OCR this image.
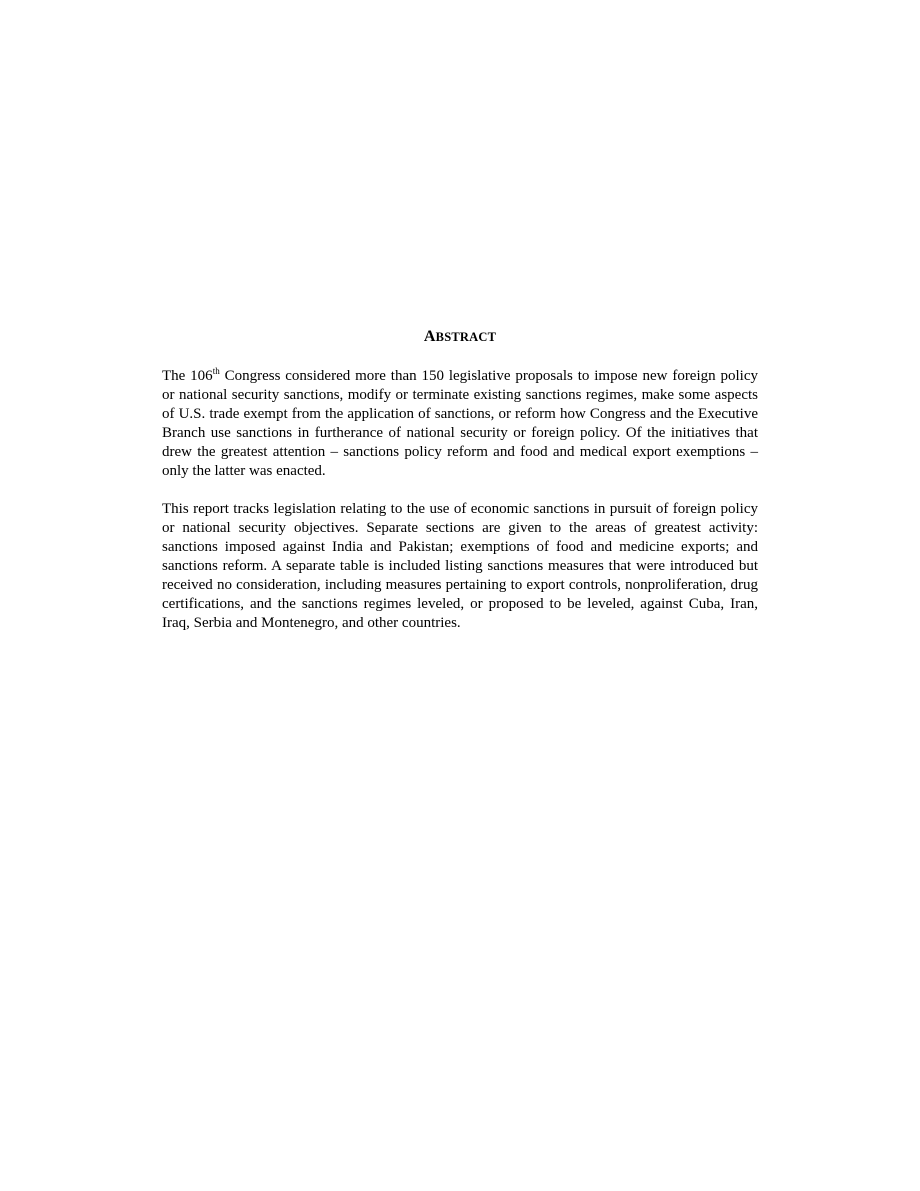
ABSTRACT

The 106th Congress considered more than 150 legislative proposals to impose new foreign policy or national security sanctions, modify or terminate existing sanctions regimes, make some aspects of U.S. trade exempt from the application of sanctions, or reform how Congress and the Executive Branch use sanctions in furtherance of national security or foreign policy. Of the initiatives that drew the greatest attention – sanctions policy reform and food and medical export exemptions – only the latter was enacted.

This report tracks legislation relating to the use of economic sanctions in pursuit of foreign policy or national security objectives. Separate sections are given to the areas of greatest activity: sanctions imposed against India and Pakistan; exemptions of food and medicine exports; and sanctions reform. A separate table is included listing sanctions measures that were introduced but received no consideration, including measures pertaining to export controls, nonproliferation, drug certifications, and the sanctions regimes leveled, or proposed to be leveled, against Cuba, Iran, Iraq, Serbia and Montenegro, and other countries.
